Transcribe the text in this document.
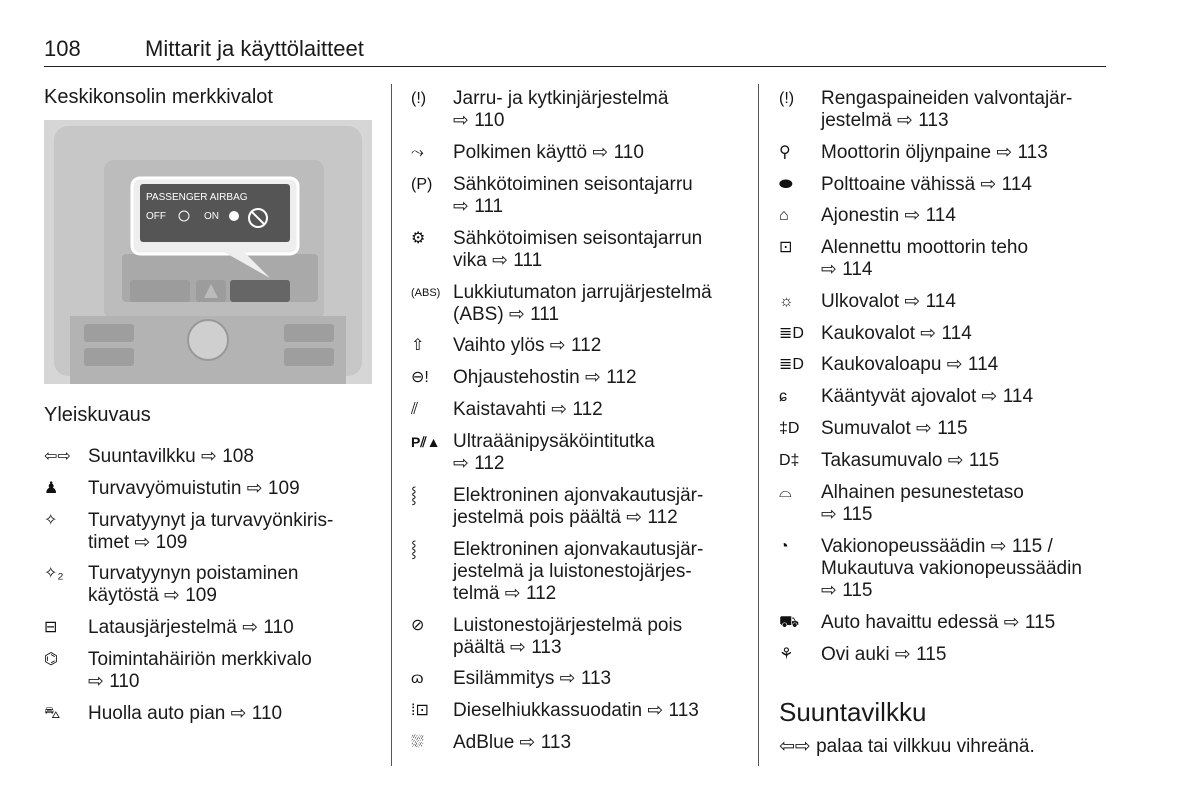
108	Mittarit ja käyttölaitteet
Keskikonsolin merkkivalot
PASSENGER AIRBAG
OFF	ON
Yleiskuvaus
⇦⇨ Suuntavilkku ⇨ 108
♟	Turvavyömuistutin ⇨ 109
✧	Turvatyynyt ja turvavyönkiris-
timet ⇨ 109
✧₂ Turvatyynyn poistaminen
käytöstä ⇨ 109
⊟	Latausjärjestelmä ⇨ 110
⌬	Toimintahäiriön merkkivalo
⇨ 110
⛍	Huolla auto pian ⇨ 110
(!)	Jarru- ja kytkinjärjestelmä
⇨ 110
⤳	Polkimen käyttö ⇨ 110
(P) Sähkötoiminen seisontajarru
⇨ 111
⚙	Sähkötoimisen seisontajarrun
vika ⇨ 111
(ABS) Lukkiutumaton jarrujärjestelmä
(ABS) ⇨ 111
⇧	Vaihto ylös ⇨ 112
⊖!	Ohjaustehostin ⇨ 112
⫽	Kaistavahti ⇨ 112
P⫽▲ Ultraäänipysäköintitutka
⇨ 112
⸾	Elektroninen ajonvakautusjär-
jestelmä pois päältä ⇨ 112
⸾	Elektroninen ajonvakautusjär-
jestelmä ja luistonestojärjes-
telmä ⇨ 112
⊘	Luistonestojärjestelmä pois
päältä ⇨ 113
ɷ	Esilämmitys ⇨ 113
⁞⊡	Dieselhiukkassuodatin ⇨ 113
⛆	AdBlue ⇨ 113
(!)	Rengaspaineiden valvontajär-
jestelmä ⇨ 113
⚲	Moottorin öljynpaine ⇨ 113
⬬	Polttoaine vähissä ⇨ 114
⌂	Ajonestin ⇨ 114
⊡	Alennettu moottorin teho
⇨ 114
☼	Ulkovalot ⇨ 114
≣D Kaukovalot ⇨ 114
≣D Kaukovaloapu ⇨ 114
ɕ	Kääntyvät ajovalot ⇨ 114
‡D Sumuvalot ⇨ 115
D‡ Takasumuvalo ⇨ 115
⌓	Alhainen pesunestetaso
⇨ 115
◔	Vakionopeussäädin ⇨ 115 /
Mukautuva vakionopeussäädin
⇨ 115
⛟ Auto havaittu edessä ⇨ 115
⚘	Ovi auki ⇨ 115
Suuntavilkku
⇦⇨ palaa tai vilkkuu vihreänä.
